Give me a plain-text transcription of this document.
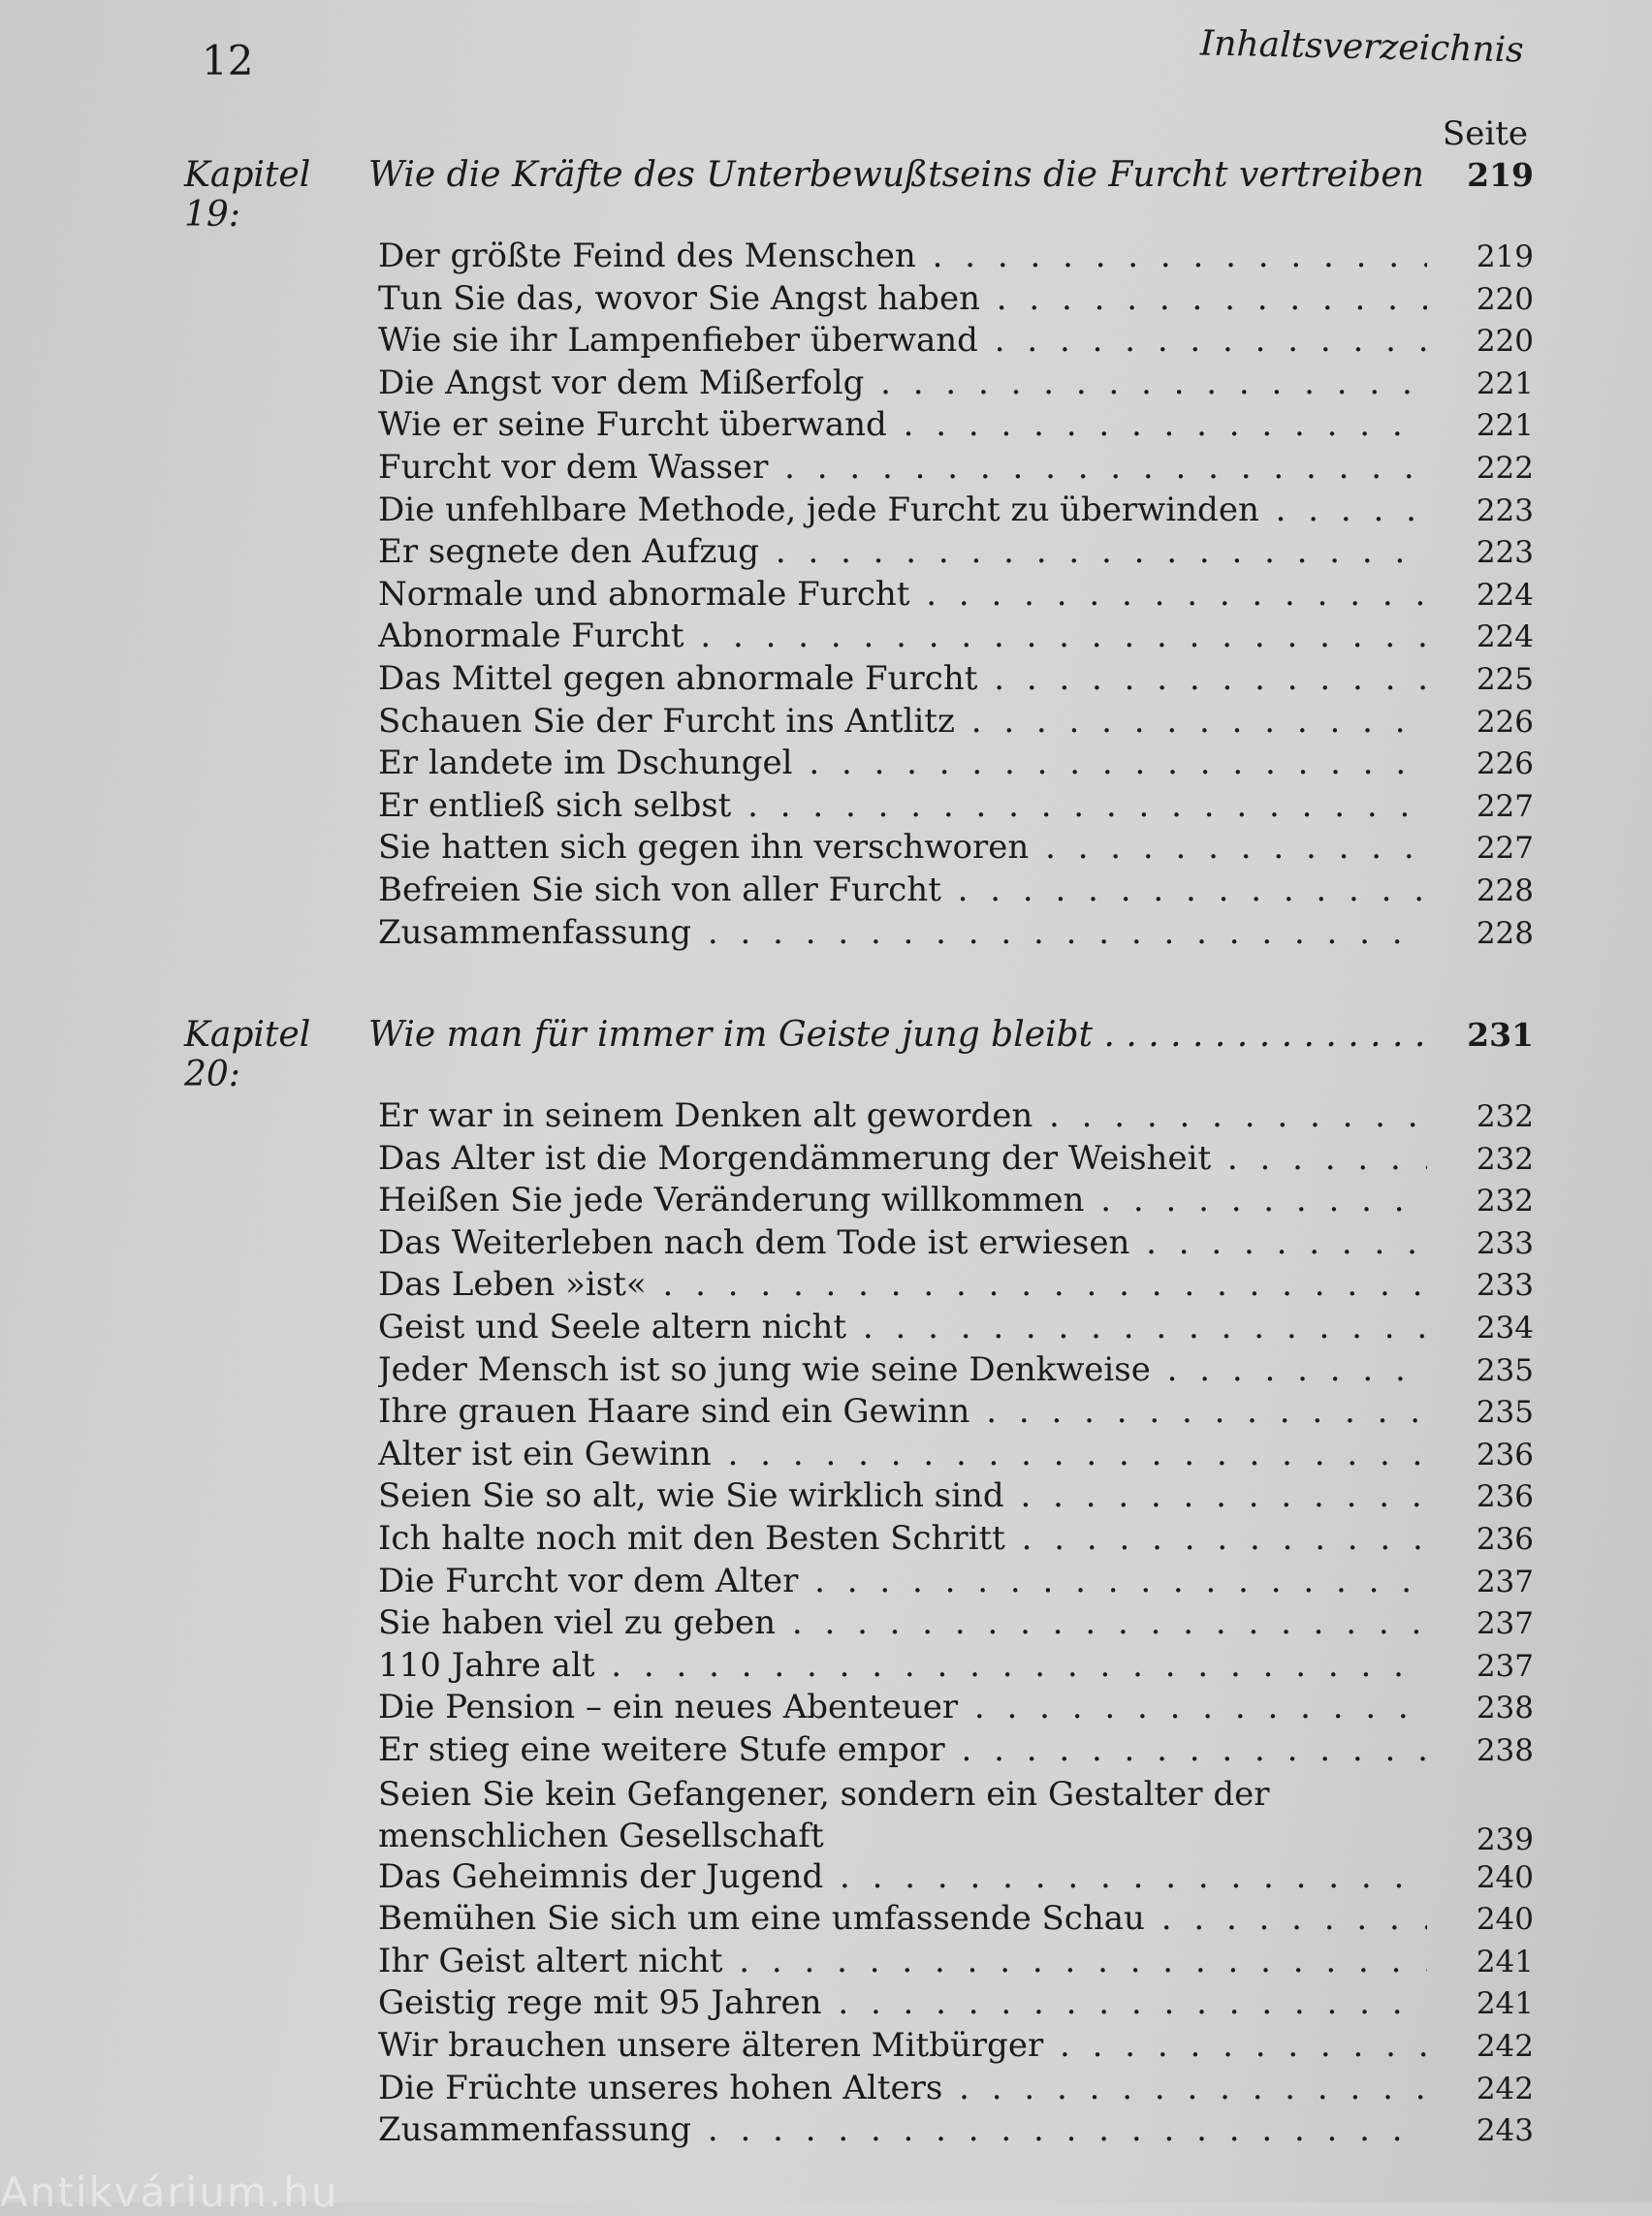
12	Inhaltsverzeichnis
Seite
Kapitel 19:
Wie die Kräfte des Unterbewußtseins die Furcht vertreiben . . .	219
Der größte Feind des Menschen . . .	219
Tun Sie das, wovor Sie Angst haben . . .	220
Wie sie ihr Lampenfieber überwand . . .	220
Die Angst vor dem Mißerfolg . . .	221
Wie er seine Furcht überwand . . .	221
Furcht vor dem Wasser . . .	222
Die unfehlbare Methode, jede Furcht zu überwinden . . .	223
Er segnete den Aufzug . . .	223
Normale und abnormale Furcht . . .	224
Abnormale Furcht . . .	224
Das Mittel gegen abnormale Furcht . . .	225
Schauen Sie der Furcht ins Antlitz . . .	226
Er landete im Dschungel . . .	226
Er entließ sich selbst . . .	227
Sie hatten sich gegen ihn verschworen . . .	227
Befreien Sie sich von aller Furcht . . .	228
Zusammenfassung . . .	228
Kapitel 20:
Wie man für immer im Geiste jung bleibt . . .	231
Er war in seinem Denken alt geworden . . .	232
Das Alter ist die Morgendämmerung der Weisheit . . .	232
Heißen Sie jede Veränderung willkommen . . .	232
Das Weiterleben nach dem Tode ist erwiesen . . .	233
Das Leben »ist« . . .	233
Geist und Seele altern nicht . . .	234
Jeder Mensch ist so jung wie seine Denkweise . . .	235
Ihre grauen Haare sind ein Gewinn . . .	235
Alter ist ein Gewinn . . .	236
Seien Sie so alt, wie Sie wirklich sind . . .	236
Ich halte noch mit den Besten Schritt . . .	236
Die Furcht vor dem Alter . . .	237
Sie haben viel zu geben . . .	237
110 Jahre alt . . .	237
Die Pension – ein neues Abenteuer . . .	238
Er stieg eine weitere Stufe empor . . .	238
Seien Sie kein Gefangener, sondern ein Gestalter der menschlichen Gesellschaft	239
Das Geheimnis der Jugend . . .	240
Bemühen Sie sich um eine umfassende Schau . . .	240
Ihr Geist altert nicht . . .	241
Geistig rege mit 95 Jahren . . .	241
Wir brauchen unsere älteren Mitbürger . . .	242
Die Früchte unseres hohen Alters . . .	242
Zusammenfassung . . .	243
Antikvárium.hu
